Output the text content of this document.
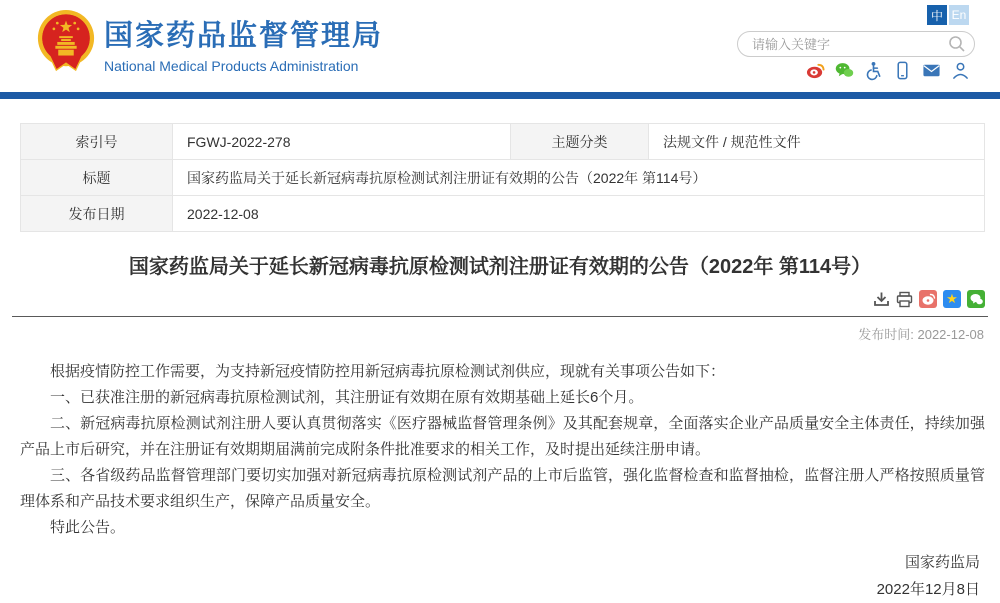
国家药品监督管理局
National Medical Products Administration
中 En
请输入关键字
索引号	FGWJ-2022-278	主题分类	法规文件 / 规范性文件
标题	国家药监局关于延长新冠病毒抗原检测试剂注册证有效期的公告（2022年 第114号）		
发布日期	2022-12-08		
国家药监局关于延长新冠病毒抗原检测试剂注册证有效期的公告（2022年 第114号）
★
发布时间: 2022-12-08

根据疫情防控工作需要，为支持新冠疫情防控用新冠病毒抗原检测试剂供应，现就有关事项公告如下：

一、已获准注册的新冠病毒抗原检测试剂，其注册证有效期在原有效期基础上延长6个月。

二、新冠病毒抗原检测试剂注册人要认真贯彻落实《医疗器械监督管理条例》及其配套规章，全面落实企业产品质量安全主体责任，持续加强产品上市后研究，并在注册证有效期期届满前完成附条件批准要求的相关工作，及时提出延续注册申请。

三、各省级药品监督管理部门要切实加强对新冠病毒抗原检测试剂产品的上市后监管，强化监督检查和监督抽检，监督注册人严格按照质量管理体系和产品技术要求组织生产，保障产品质量安全。

特此公告。

国家药监局
2022年12月8日
